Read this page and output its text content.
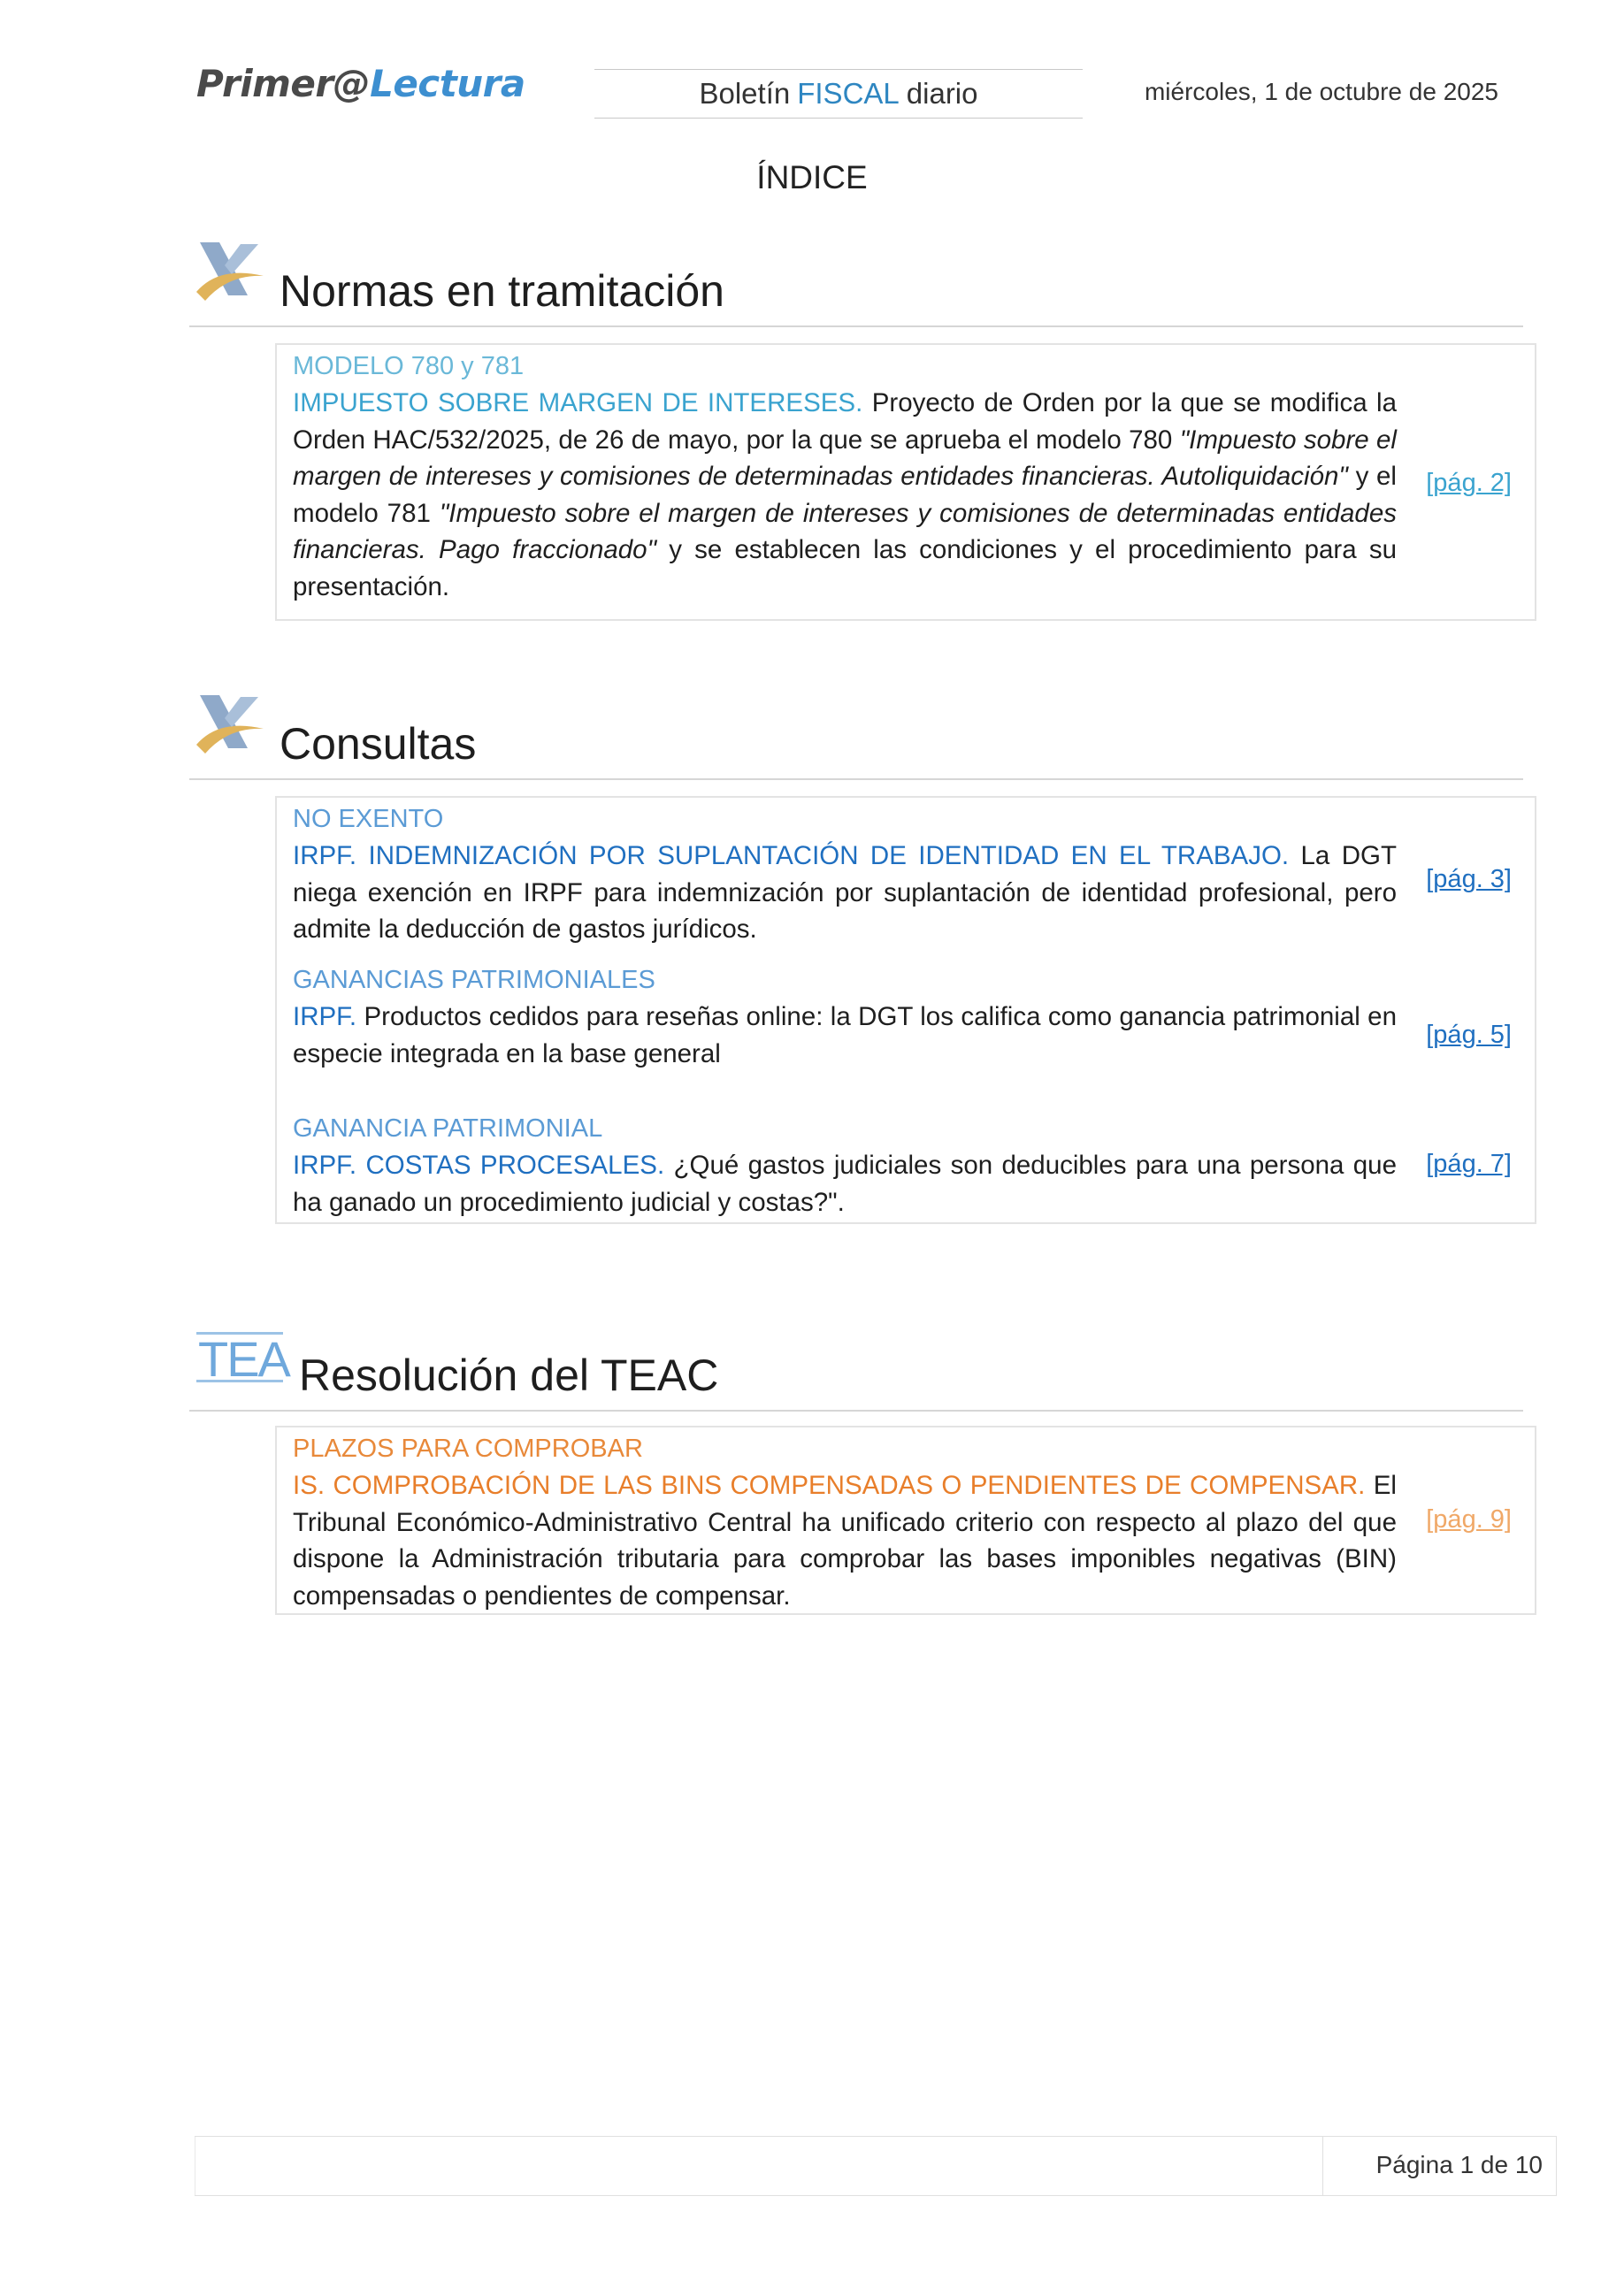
Primer@Lectura	Boletín FISCAL diario	miércoles, 1 de octubre de 2025
ÍNDICE
Normas en tramitación
MODELO 780 y 781
IMPUESTO SOBRE MARGEN DE INTERESES. Proyecto de Orden por la que se modifica la Orden HAC/532/2025, de 26 de mayo, por la que se aprueba el modelo 780 "Impuesto sobre el margen de intereses y comisiones de determinadas entidades financieras. Autoliquidación" y el modelo 781 "Impuesto sobre el margen de intereses y comisiones de determinadas entidades financieras. Pago fraccionado" y se establecen las condiciones y el procedimiento para su presentación.
[pág. 2]
Consultas
NO EXENTO
IRPF. INDEMNIZACIÓN POR SUPLANTACIÓN DE IDENTIDAD EN EL TRABAJO. La DGT niega exención en IRPF para indemnización por suplantación de identidad profesional, pero admite la deducción de gastos jurídicos.
[pág. 3]
GANANCIAS PATRIMONIALES
IRPF. Productos cedidos para reseñas online: la DGT los califica como ganancia patrimonial en especie integrada en la base general
[pág. 5]
GANANCIA PATRIMONIAL
IRPF. COSTAS PROCESALES. ¿Qué gastos judiciales son deducibles para una persona que ha ganado un procedimiento judicial y costas?".
[pág. 7]
TEA Resolución del TEAC
PLAZOS PARA COMPROBAR
IS. COMPROBACIÓN DE LAS BINS COMPENSADAS O PENDIENTES DE COMPENSAR. El Tribunal Económico-Administrativo Central ha unificado criterio con respecto al plazo del que dispone la Administración tributaria para comprobar las bases imponibles negativas (BIN) compensadas o pendientes de compensar.
[pág. 9]
Página 1 de 10
